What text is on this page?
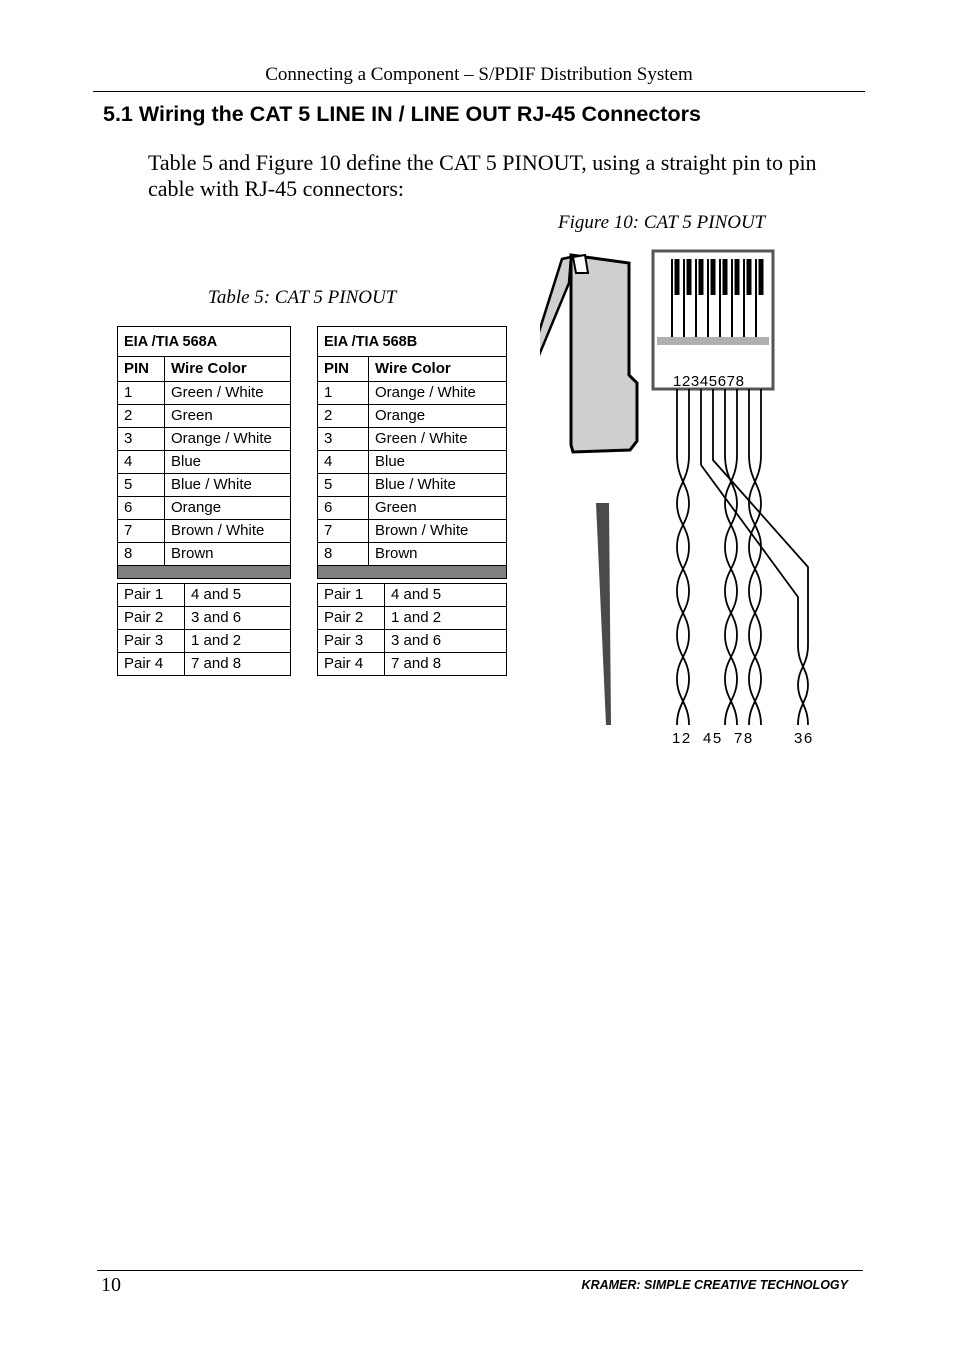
Connecting a Component – S/PDIF Distribution System
5.1 Wiring the CAT 5 LINE IN / LINE OUT RJ-45 Connectors
Table 5 and Figure 10 define the CAT 5 PINOUT, using a straight pin to pin cable with RJ-45 connectors:
Figure 10: CAT 5 PINOUT
Table 5: CAT 5 PINOUT
EIA /TIA 568A	
PIN	Wire Color
1	Green / White
2	Green
3	Orange / White
4	Blue
5	Blue / White
6	Orange
7	Brown / White
8	Brown

Pair 1	4 and 5
Pair 2	3 and 6
Pair 3	1 and 2
Pair 4	7 and 8
EIA /TIA 568B	
PIN	Wire Color
1	Orange / White
2	Orange
3	Green / White
4	Blue
5	Blue / White
6	Green
7	Brown / White
8	Brown

Pair 1	4 and 5
Pair 2	1 and 2
Pair 3	3 and 6
Pair 4	7 and 8
12345678
12 45 78	36
10	KRAMER: SIMPLE CREATIVE TECHNOLOGY
